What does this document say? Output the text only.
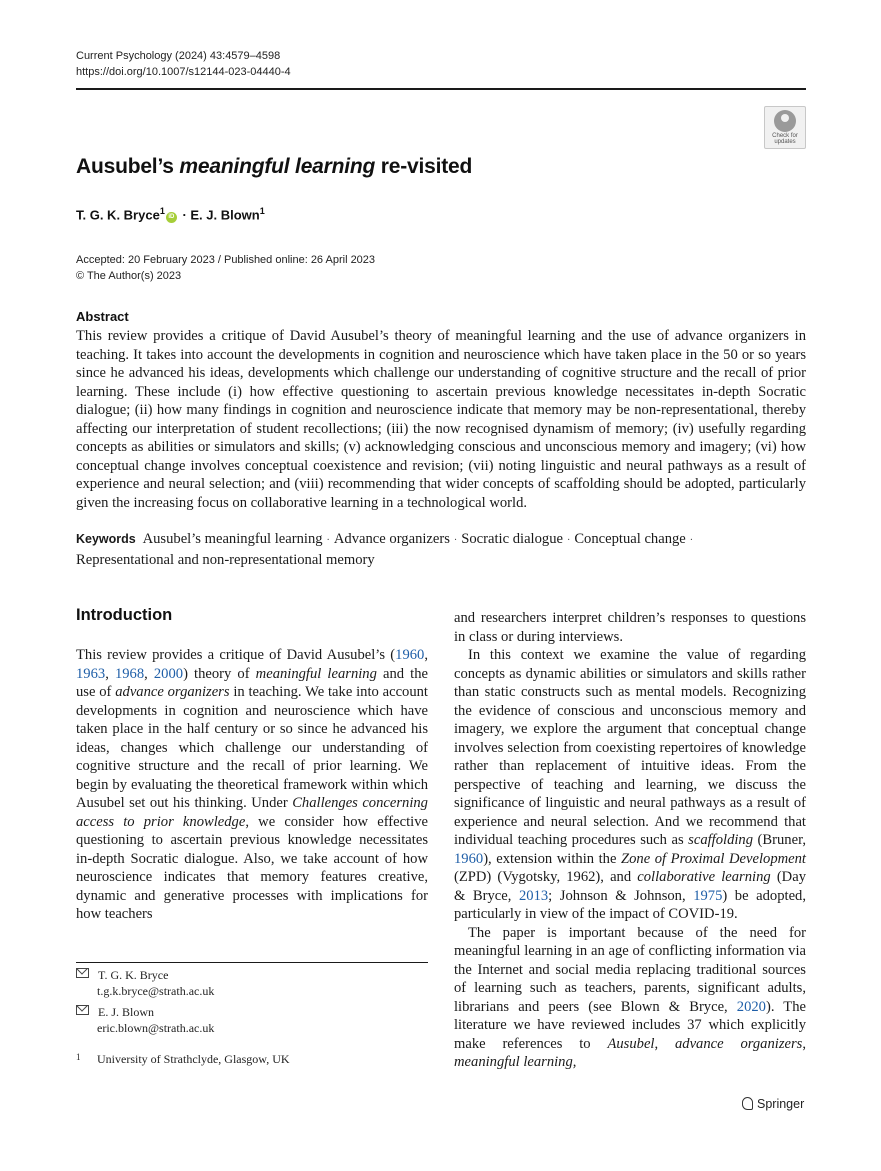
Current Psychology (2024) 43:4579–4598
https://doi.org/10.1007/s12144-023-04440-4
Check for
updates
Ausubel’s meaningful learning re-visited
T. G. K. Bryce$^1$iD · E. J. Blown$^1$
Accepted: 20 February 2023 / Published online: 26 April 2023
© The Author(s) 2023
Abstract
This review provides a critique of David Ausubel’s theory of meaningful learning and the use of advance organizers in teaching. It takes into account the developments in cognition and neuroscience which have taken place in the 50 or so years since he advanced his ideas, developments which challenge our understanding of cognitive structure and the recall of prior learning. These include (i) how effective questioning to ascertain previous knowledge necessitates in-depth Socratic dialogue; (ii) how many findings in cognition and neuroscience indicate that memory may be non-representational, thereby affecting our interpretation of student recollections; (iii) the now recognised dynamism of memory; (iv) usefully regarding concepts as abilities or simulators and skills; (v) acknowledging conscious and unconscious memory and imagery; (vi) how conceptual change involves conceptual coexistence and revision; (vii) noting linguistic and neural pathways as a result of experience and neural selection; and (viii) recommending that wider concepts of scaffolding should be adopted, particularly given the increasing focus on collaborative learning in a technological world.
Keywords Ausubel’s meaningful learning · Advance organizers · Socratic dialogue · Conceptual change ·
Representational and non-representational memory
Introduction

This review provides a critique of David Ausubel’s (1960, 1963, 1968, 2000) theory of meaningful learning and the use of advance organizers in teaching. We take into account developments in cognition and neuroscience which have taken place in the half century or so since he advanced his ideas, changes which challenge our understanding of cognitive structure and the recall of prior learning. We begin by evaluating the theoretical framework within which Ausubel set out his thinking. Under Challenges concerning access to prior knowledge, we consider how effective questioning to ascertain previous knowledge necessitates in-depth Socratic dialogue. Also, we take account of how neuroscience indicates that memory features creative, dynamic and generative processes with implications for how teachers

and researchers interpret children’s responses to questions in class or during interviews.

In this context we examine the value of regarding concepts as dynamic abilities or simulators and skills rather than static constructs such as mental models. Recognizing the evidence of conscious and unconscious memory and imagery, we explore the argument that conceptual change involves selection from coexisting repertoires of knowledge rather than replacement of intuitive ideas. From the perspective of teaching and learning, we discuss the significance of linguistic and neural pathways as a result of experience and neural selection. And we recommend that individual teaching procedures such as scaffolding (Bruner, 1960), extension within the Zone of Proximal Development (ZPD) (Vygotsky, 1962), and collaborative learning (Day & Bryce, 2013; Johnson & Johnson, 1975) be adopted, particularly in view of the impact of COVID-19.

The paper is important because of the need for meaningful learning in an age of conflicting information via the Internet and social media replacing traditional sources of learning such as teachers, parents, significant adults, librarians and peers (see Blown & Bryce, 2020). The literature we have reviewed includes 37 which explicitly make references to Ausubel, advance organizers, meaningful learning,

T. G. K. Bryce
t.g.k.bryce@strath.ac.uk
E. J. Blown
eric.blown@strath.ac.uk
1 University of Strathclyde, Glasgow, UK
Springer
